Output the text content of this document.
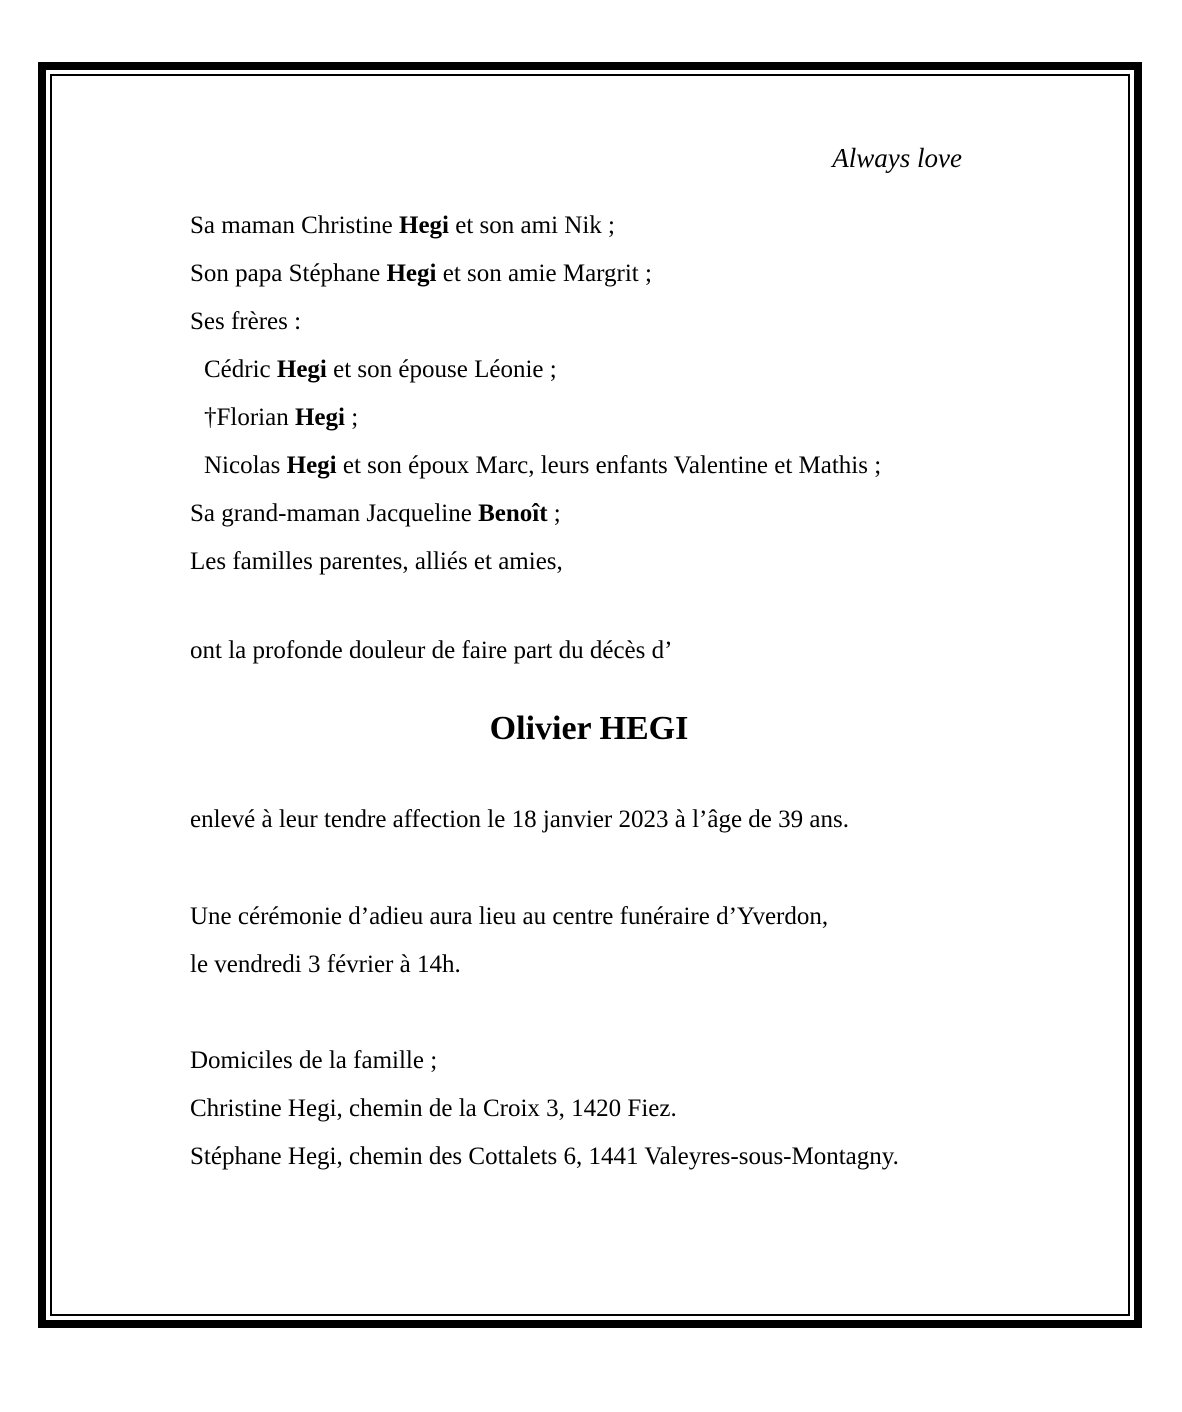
Always love

Sa maman Christine Hegi et son ami Nik ;

Son papa Stéphane Hegi et son amie Margrit ;

Ses frères :

Cédric Hegi et son épouse Léonie ;

†Florian Hegi ;

Nicolas Hegi et son époux Marc, leurs enfants Valentine et Mathis ;

Sa grand-maman Jacqueline Benoît ;

Les familles parentes, alliés et amies,

ont la profonde douleur de faire part du décès d’

Olivier HEGI

enlevé à leur tendre affection le 18 janvier 2023 à l’âge de 39 ans.

Une cérémonie d’adieu aura lieu au centre funéraire d’Yverdon,

le vendredi 3 février à 14h.

Domiciles de la famille ;

Christine Hegi, chemin de la Croix 3, 1420 Fiez.

Stéphane Hegi, chemin des Cottalets 6, 1441 Valeyres-sous-Montagny.
